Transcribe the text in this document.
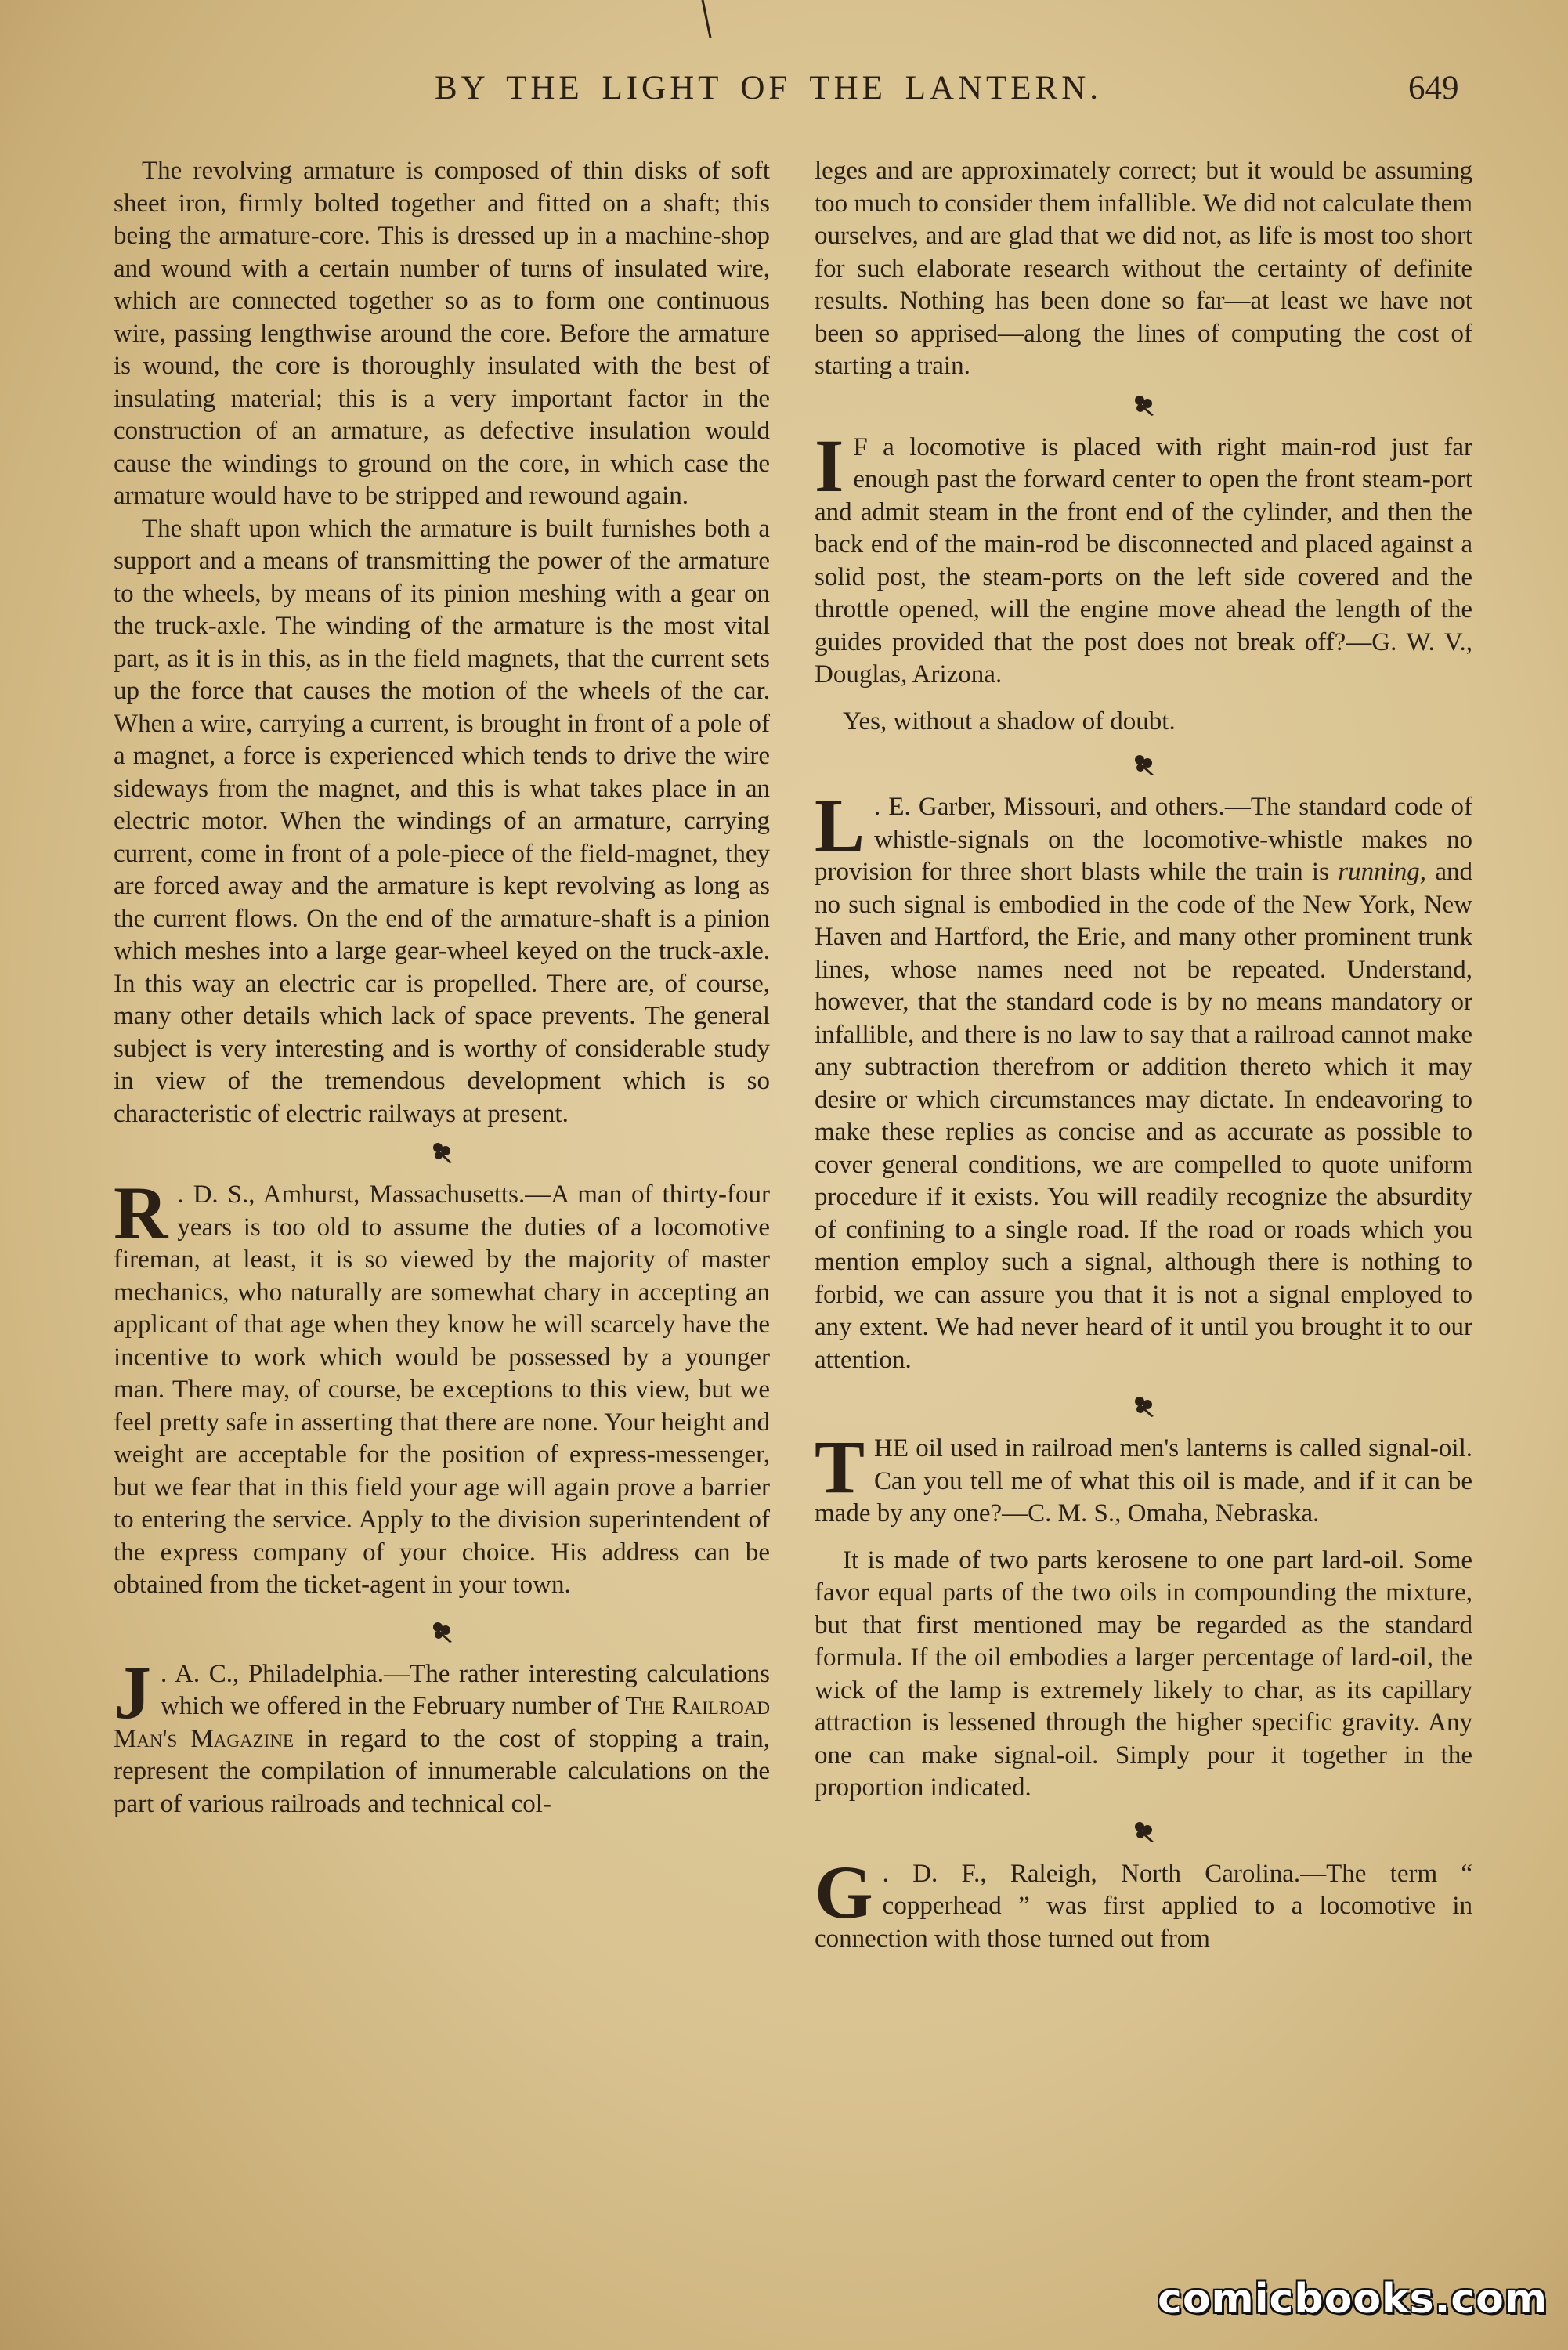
BY THE LIGHT OF THE LANTERN.	649

The revolving armature is composed of thin disks of soft sheet iron, firmly bolted together and fitted on a shaft; this being the armature-core. This is dressed up in a machine-shop and wound with a certain number of turns of insulated wire, which are connected together so as to form one continuous wire, passing lengthwise around the core. Before the armature is wound, the core is thoroughly insulated with the best of insulating material; this is a very important factor in the construction of an armature, as defective insulation would cause the windings to ground on the core, in which case the armature would have to be stripped and rewound again.

The shaft upon which the armature is built furnishes both a support and a means of transmitting the power of the armature to the wheels, by means of its pinion meshing with a gear on the truck-axle. The winding of the armature is the most vital part, as it is in this, as in the field magnets, that the current sets up the force that causes the motion of the wheels of the car. When a wire, carrying a current, is brought in front of a pole of a magnet, a force is experienced which tends to drive the wire sideways from the magnet, and this is what takes place in an electric motor. When the windings of an armature, carrying current, come in front of a pole-piece of the field-magnet, they are forced away and the armature is kept revolving as long as the current flows. On the end of the armature-shaft is a pinion which meshes into a large gear-wheel keyed on the truck-axle. In this way an electric car is propelled. There are, of course, many other details which lack of space prevents. The general subject is very interesting and is worthy of considerable study in view of the tremendous development which is so characteristic of electric railways at present.

R . D. S., Amhurst, Massachusetts.—A man of thirty-four years is too old to assume the duties of a locomotive fireman, at least, it is so viewed by the majority of master mechanics, who naturally are somewhat chary in accepting an applicant of that age when they know he will scarcely have the incentive to work which would be possessed by a younger man. There may, of course, be exceptions to this view, but we feel pretty safe in asserting that there are none. Your height and weight are acceptable for the position of express-messenger, but we fear that in this field your age will again prove a barrier to entering the service. Apply to the division superintendent of the express company of your choice. His address can be obtained from the ticket-agent in your town.

J . A. C., Philadelphia.—The rather interesting calculations which we offered in the February number of The Railroad Man's Magazine in regard to the cost of stopping a train, represent the compilation of innumerable calculations on the part of various railroads and technical col-

leges and are approximately correct; but it would be assuming too much to consider them infallible. We did not calculate them ourselves, and are glad that we did not, as life is most too short for such elaborate research without the certainty of definite results. Nothing has been done so far—at least we have not been so apprised—along the lines of computing the cost of starting a train.

I F a locomotive is placed with right main-rod just far enough past the forward center to open the front steam-port and admit steam in the front end of the cylinder, and then the back end of the main-rod be disconnected and placed against a solid post, the steam-ports on the left side covered and the throttle opened, will the engine move ahead the length of the guides provided that the post does not break off?—G. W. V., Douglas, Arizona.

Yes, without a shadow of doubt.

L . E. Garber, Missouri, and others.—The standard code of whistle-signals on the locomotive-whistle makes no provision for three short blasts while the train is running, and no such signal is embodied in the code of the New York, New Haven and Hartford, the Erie, and many other prominent trunk lines, whose names need not be repeated. Understand, however, that the standard code is by no means mandatory or infallible, and there is no law to say that a railroad cannot make any subtraction therefrom or addition thereto which it may desire or which circumstances may dictate. In endeavoring to make these replies as concise and as accurate as possible to cover general conditions, we are compelled to quote uniform procedure if it exists. You will readily recognize the absurdity of confining to a single road. If the road or roads which you mention employ such a signal, although there is nothing to forbid, we can assure you that it is not a signal employed to any extent. We had never heard of it until you brought it to our attention.

T HE oil used in railroad men's lanterns is called signal-oil. Can you tell me of what this oil is made, and if it can be made by any one?—C. M. S., Omaha, Nebraska.

It is made of two parts kerosene to one part lard-oil. Some favor equal parts of the two oils in compounding the mixture, but that first mentioned may be regarded as the standard formula. If the oil embodies a larger percentage of lard-oil, the wick of the lamp is extremely likely to char, as its capillary attraction is lessened through the higher specific gravity. Any one can make signal-oil. Simply pour it together in the proportion indicated.

G . D. F., Raleigh, North Carolina.—The term “ copperhead ” was first applied to a locomotive in connection with those turned out from

comicbooks.com
